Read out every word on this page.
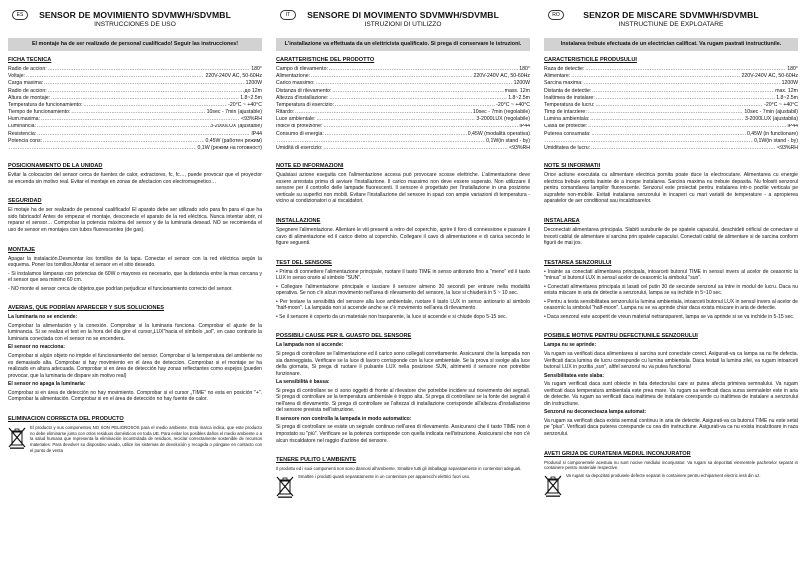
ES	SENSOR DE MOVIMIENTO SDVMWH/SDVMBL
INSTRUCCIONES DE USO
El montaje ha de ser realizado de personal cualificado! Seguir las instrucciones!
FICHA TECNICA
Radio de accion: .....	180°
Voltaje: .....	220V-240V AC, 50-60Hz
Carga maxima: .....	1200W
Radio de accion: .....	до 12m
Altura de montaje: .....	1.8~2.5m
Temperatura de funcionamiento: .....	-20°C ~ +40°C
Tiempo de funcionamiento: .....	10sec - 7min (ajustable)
Hum.maxima: .....	<93%RH
Luminancia: .....	3-2000LUX (ajustable)
Resistencia: .....	IP44
Potencia cons: .....	0,45W (работен режим)
.....
0,1W (режим на готовност)
POSICIONAMIENTO DE LA UNIDAD
Evitar la colocacion del sensor cerca de fuentes de calor, extractores, fc, fc…, puede provocar que el proyector se encenda sin motivo real. Evitar el montaje en zonas de afectacion con electromagnetico…
SEGURIDAD
El motaje ha de ser realizado de personal cualificado! El aparato debe ser utilizado solo para fin para el que ha sido fabricado! Antes de empezar el montaje, desconecte el aparato de la red eléctrica. Nunca intentar abrir, ni reparar el sensor… Comprobar la potencia máxima del sensor y de la luminaria desead. NO se recomienda el uso de sensor en montajes con tubos fluorescentes (de gas).
MONTAJE
Apagar la instalación.Desmontar los tornillos de la tapa. Conectar el sensor con la red eléctrica según la esquema. Poner los tornillos.Montar el sensor en el sitio deseado.
- Si instalamos lámparas con potencias de 60W o mayores es necesario, que la distancia entre la mas cercana y el sensor que sea minimo 60 cm.
- NO monte el sensor cerca de objetos,que podrían perjudicar el funcionamiento correcto del sensor.
AVERIAS, QUE PODRÍAN APARECER Y SUS SOLUCIONES
La luminaria no se enciende:
Comprobar la alimentación y la conexión. Comprobar si la luminaria funciona. Comprobar el ajuste de la luminancia. Si se realiza el test en la hora del día gire el cursor„LUX"hacia el símbolo „sol", en caso contrario la luminaria conectada con el sensor no se encendera.
El sensor no reacciona:
Comprobar si algún objeto no impide el funcionamiento del sensor. Comprobar si la temperatura del ambiente no es demasiado alta. Comprobar si hay movimiento en el área de deteccion. Comprobar si el montaje se ha realizado en altura adecuada. Comprobar si en área de detección hay zonas reflectantes como espejos (pueden provocar, que la luminaria de dispare sin motivo real)
El sensor no apaga la luminaria:
Comprobar si en área de detección no hay movimiento. Comprobar si el cursor „TIME" no esta en posición "+". Comprobar la alimentación. Comprobar si en el área de detección no hay fuente de calor.
ELIMINACION CORRECTA DEL PRODUCTO
El producto y sus componentes NO SON PELIGROSOS para el medio ambiente. Esta marca indica, que este producto no debe eliminarse junto con otros residuos domésticos en toda UE. Para evitar los posibles daños el medio ambiente o a la salud humana que representa la eliminación incontrolada de residuos, reciclar correctamente sostenible de recursos materiales. Para devolver su dispositivo usado, utilice los sistemas de devolución y recogida o póngase en contacto con el punto de venta
IT	SENSORE DI MOVIMENTO SDVMWH/SDVMBL
ISTRUZIONI DI UTILIZZO
L'installazione va effettuata da un elettricista qualificato. Si prega di conservare le istruzioni.
CARATTERISTICHE DEL PRODOTTO
Campo di rilevamento: .....	180°
Alimentazione: .....	220V-240V AC, 50-60Hz
Carico massimo: .....	1200W
Distanza di rilevamento: .....	mass. 12m
Altezza d'installazione: .....	1.8~2.5m
Temperatura di esercizio: .....	-20°C ~ +40°C
Ritardo: .....	10sec - 7min (regolabile)
Luce ambientale: .....	3-2000LUX (regolabile)
Indice di protezione: .....	IP44
Consumo di energia: .....	0,45W (modalità operativa)
.....
0,1W(in stand - by)
Umidità di esercizio: .....	<93%RH
NOTE ED INFORMAZIONI
Qualsiasi azione eseguita con l'alimentazione accesa può provocare scosse elettriche. L'alimentazione deve essere arrestata prima di avviare l'installazione. Il carico massimo non deve essere superato. Non utilizzare il sensore per il controllo delle lampade fluorescenti. Il sensore è progettato per l'installazione in una posizione verticale su superfici non mobili. Evitare l'installazione del sensore in spazi con ampie variazioni di temperatura - vicino ai condizionatori o ai riscaldatori.
INSTALLAZIONE
Spegnere l'alimentazione. Allentare le viti presenti a retro del coperchio, aprire il foro di connessione e passare il cavo di alimentazione ed il carico dietro al coperchio. Collegare il cavo di alimentazione e di carica secondo le figure seguenti.
TEST DEL SENSORE
• Prima di connettere l'alimentazione principale, ruotare il tasto TIME in senso antiorario fino a "meno" ed il tasto LUX in senso orario al simbolo "SUN".
• Collegare l'alimentazione principale e lasciare il sensore almeno 30 secondi per entrare nella modalità operativa. Se non c'è alcun movimento nell'area di rilevamento del sensore, la luce si chiuderà in 5 ~ 10 sec.
• Per testare la sensibilità del sensore alla luce ambientale, ruotare il tasto LUX in senso antiorario al simbolo "half-moon". La lampada non si accende anche se c'è movimento nell'area di rilevamento.
• Se il sensore è coperto da un materiale non trasparente, la luce si accende e si chiude dopo 5-15 sec.
POSSIBILI CAUSE PER IL GUASTO DEL SENSORE
La lampada non si accende:
Si prega di controllare se l'alimentazione ed il carico sono collegati correttamente. Assicurarsi che la lampada non sia danneggiata. Verificare se la luce di lavoro corrisponde con la luce ambientale. Se la prova si svolge alla luce della giornata, Si prega di ruotare il pulsante LUX nella posizione SUN, altrimenti il sensore non potrebbe funzionare.
La sensibilità è bassa:
Si prega di controllare se ci sono oggetti di fronte al rilevatore che potrebbe incidere sul ricevimento dei segnali. Si prega di controllare se la temperatura ambientale è troppo alta. Si prega di controllare se la fonte dei segnali è nell'area di rilevamento. Si prega di controllare se l'altezza di installazione corrisponde all'altezza d'installazione del sensore prevista nell'istruzione.
Il sensore non controlla la lampada in modo automatico:
Si prega di controllare se esiste un segnale continuo nell'area di rilevamento. Assicurarsi che il tasto TIME non è impostato su "più". Verificare se la potenza corrisponde con quella indicata nell'istruzione. Assicurarsi che non c'è alcun riscaldatore nel raggio d'azione del sensore.
TENERE PULITO L'AMBIENTE
Il prodotto ed i suoi componenti non sono dannosi all'ambiente. Smaltire tutti gli imballaggi separatamente in contenitori adeguati.
Smaltire i prodotti quasti separatamente in un contenitore per apparecchi elettrici fuori uso.
RO	SENZOR DE MISCARE SDVMWH/SDVMBL
INSTRUCTIUNE DE EXPLOATARE
Instalarea trebuie efectuata de un electrician calificat. Va rugam pastrati instructiunile.
CARACTERISTICILE PRODUSULUI
Raza de detectie: .....	180°
Alimentare: .....	220V-240V AC, 50-60Hz
Sarcina maxima: .....	1200W
Distanta de detectie: .....	max. 12m
Inaltimea de instalare: .....	1.8~2.5m
Temperatura de lucru: .....	-20°C ~ +40°C
Timp de intarziere: .....	10sec - 7min (ajustabil)
Lumina ambientala: .....	3-2000LUX (ajustabila)
Clasa de protectie: .....	IP44
Puterea consumata: .....	0,45W (in functionare)
.....
0,1W(in stand - by)
Umiditatea de lucru: .....	<93%RH
NOTE SI INFORMATII
Orice actiune executata cu alimentare electrica pornita poate duce la electrocutare. Alimentarea cu energie electrica trebuie oprita inainte de a incepe instalarea. Sarcina maxima nu trebuie depasita. Nu folositi senzorul pentru comandarea lampilor fluorescente. Senzorul este proiectat pentru instalarea intr-o pozitie verticala pe suprafete non-mobile. Evitati instalarea senzorului in incaperi cu mari variatii de temperature - a apropierea aparatelor de aer conditionat sau incalzitoarelor.
INSTALAREA
Deconectati alimentarea principala. Slabiti suruburile de pe spatele capacului, deschideti orificiul de conectare si treceti cablul de alimentare si sarcina prin spatele capacului. Conectati cablul de alimentare si de sarcina conform figurii de mai jos.
TESTAREA SENZORULUI
• Inainte sa conectati alimentarea principala, intoarceti butonul TIME in sensul invers al acelor de ceasornic la "minus" si butonul LUX in sensul acelor de ceasornic la simbolul "sun".
• Conectati alimentarea principala si lasati cel putin 30 de secunde senzorul sa intre in modul de lucru. Daca nu exista miscare in aria de detectie a senzorului, lampa se va inchide in 5~10 sec.
• Pentru a testa sensibilitatea senzorului la lumina ambientala, intoarceti butonul LUX in sensul invers al acelor de ceasornic la simbolul "half-moon". Lampa nu se va aprinde chiar daca exista miscare in aria de detectie.
• Daca senzorul este acoperit de vreun material netransparent, lampa se va aprinde si se va inchide in 5-15 sec.
POSIBILE MOTIVE PENTRU DEFECTIUNILE SENZORULUI
Lampa nu se aprinde:
Va rugam sa verificati daca alimentarea si sarcina sunt conectate corect. Asigurati-va ca lampa sa nu fie defecta. Verificati daca lumina de lucru corespunde cu lumina ambientala. Daca testati la lumina zilei, va rugam intoarceti butonul LUX in pozitia „sun", altfel senzorul nu va putea functiona!
Sensibilitatea este slaba:
Va rugam verificati daca sunt obiecte in fata detectorului care ar putea afecta primirea semnalului. Va rugam verificati daca temperatura ambientala este prea mare. Va rugam sa verificati daca sursa semnalelor este in aria de detectie. Va rugam sa verificati daca inaltimea de instalare corespunde cu inaltimea de instalare a senzorului din instructiune.
Senzorul nu deconecteaza lampa automat:
Va rugam sa verificati daca exista semnal continuu in aria de detectie. Asigurati-va ca butonul TIME nu este setat pe "plus". Verificati daca puterea corespunde cu cea din instructiune. Asigurati-va ca nu exista incalzitoare in raza senzorului.
AVETI GRIJA DE CURATENIA MEDIUL INCONJURATOR
Produsul si componentele acestuia nu sunt nocive mediului inconjurator. Va rugam sa depozitati elementele pachetelor separat in containere pentru materiale respective.
Va rugam sa depozitati produsele defecte separat in containere pentru echipament electric iesit din uz.
